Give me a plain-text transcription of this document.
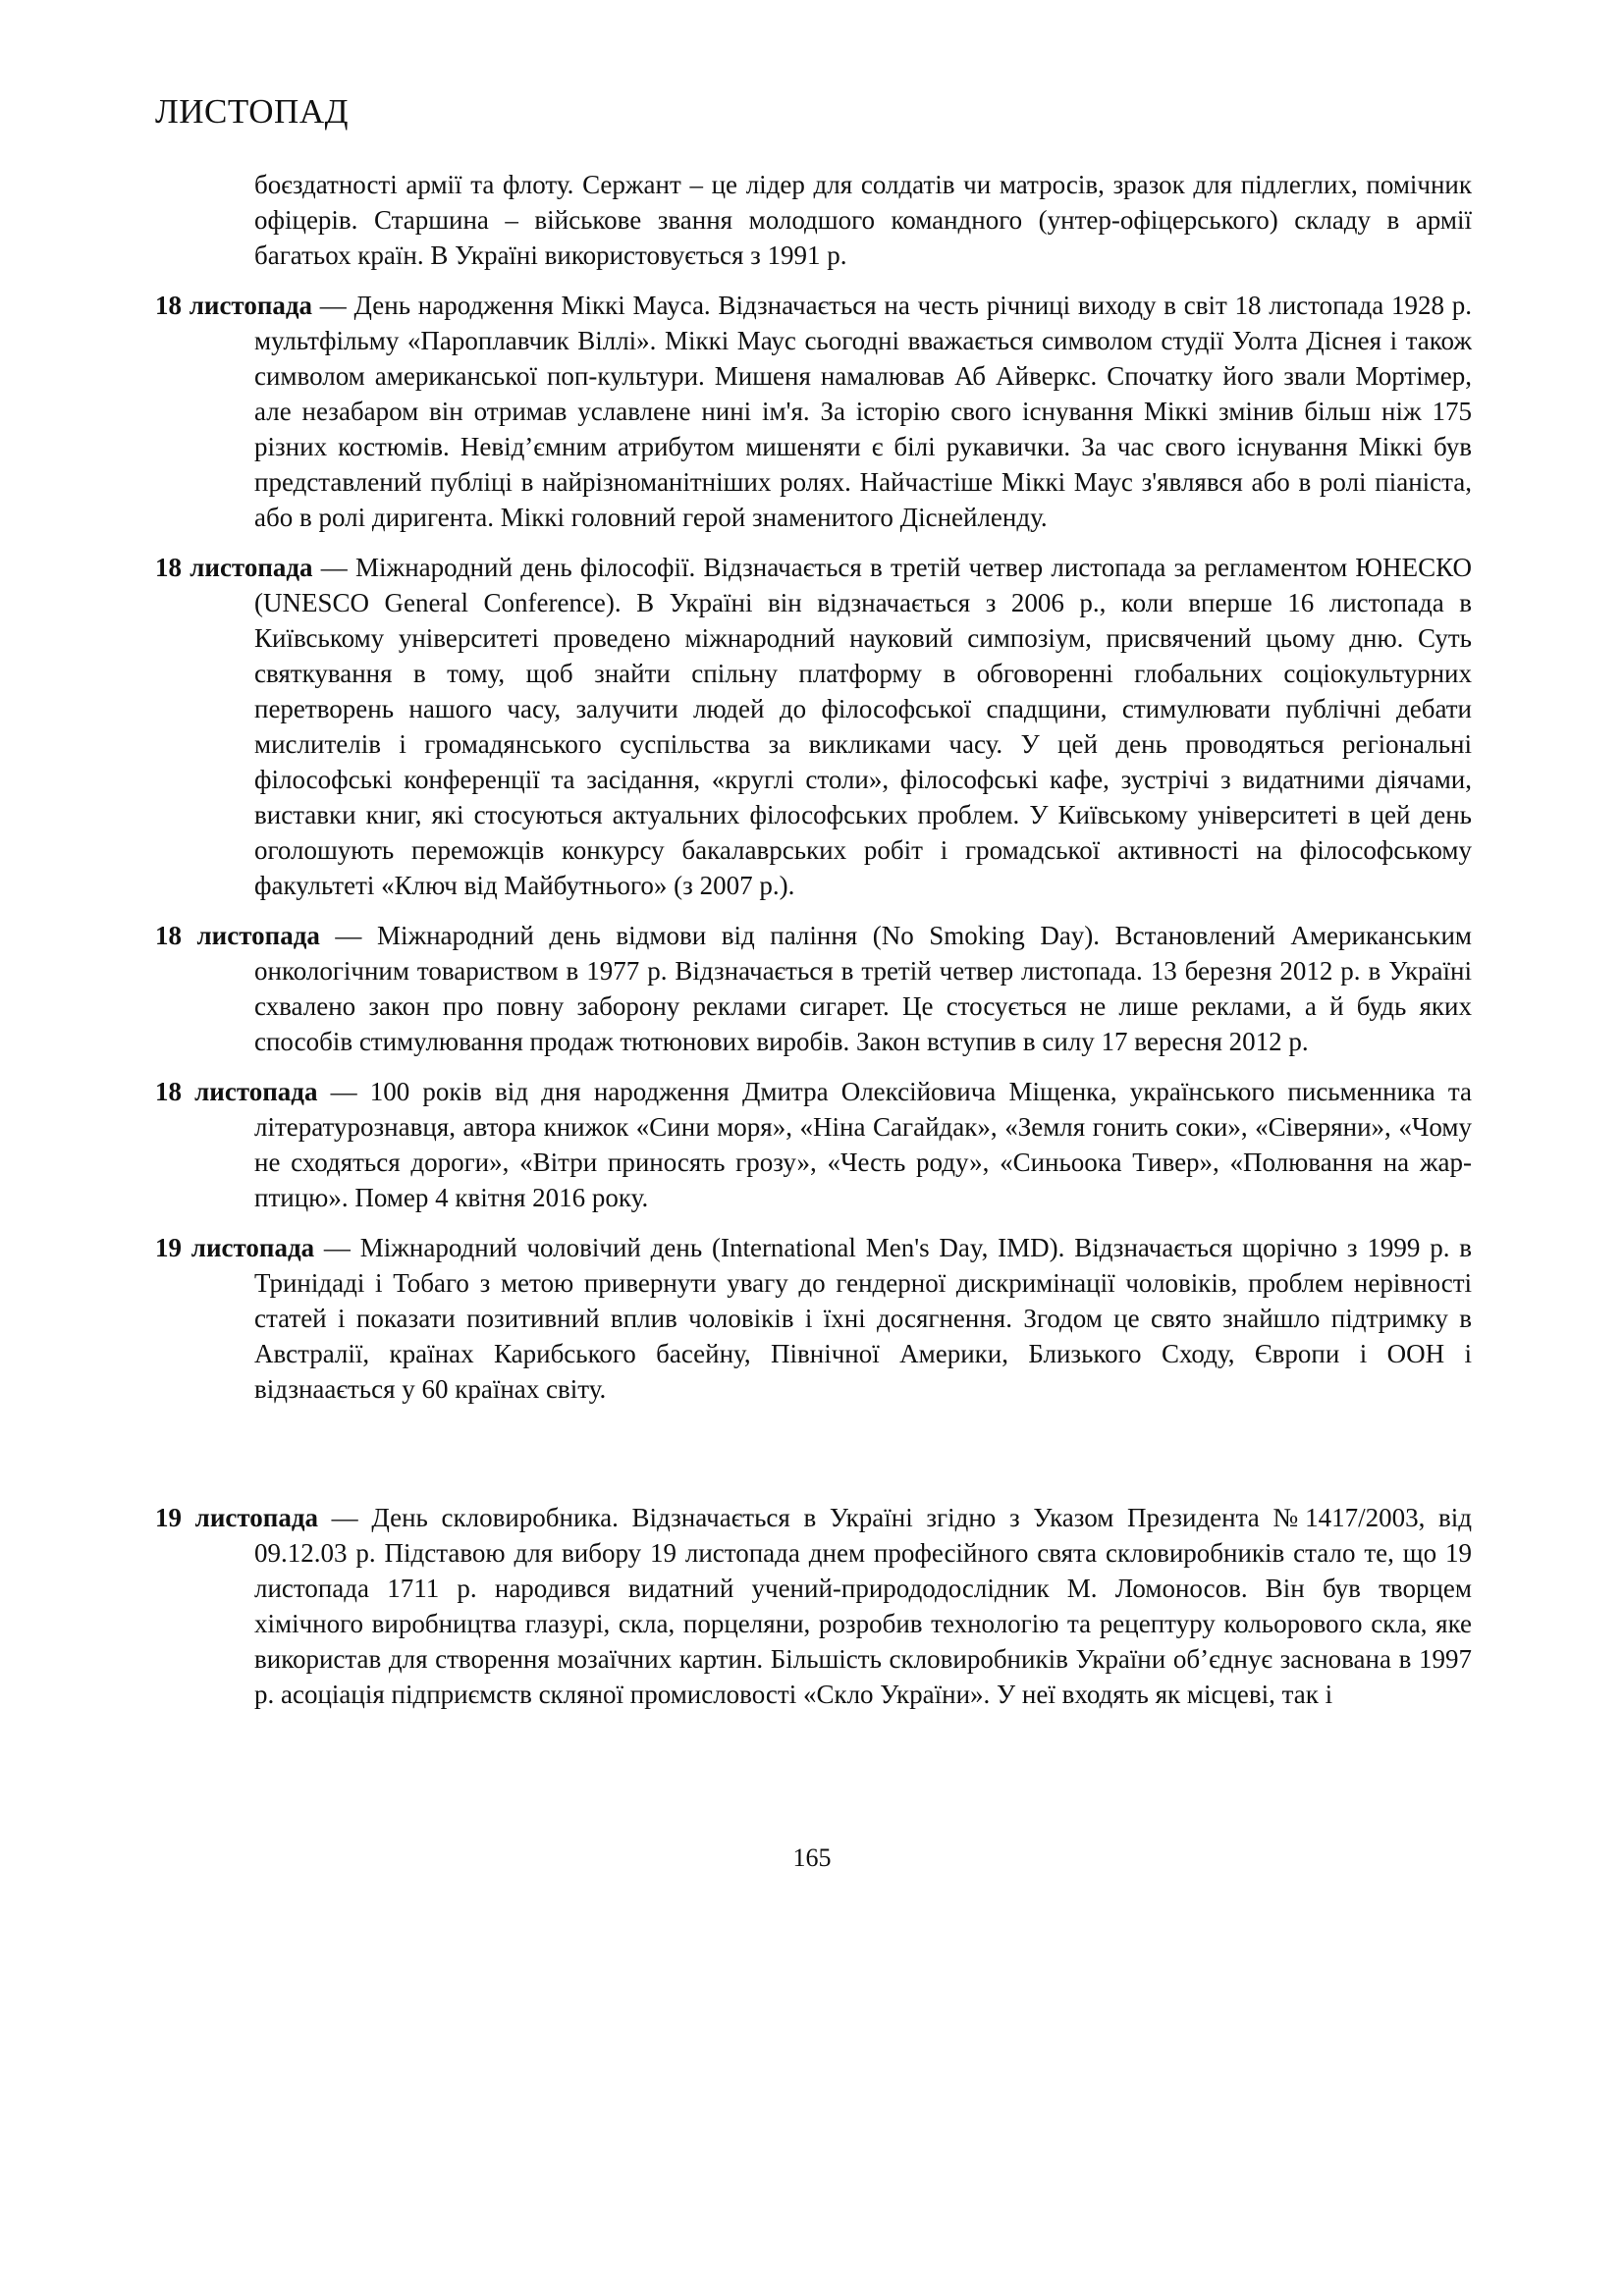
ЛИСТОПАД

боєздатності армії та флоту. Сержант – це лідер для солдатів чи матросів, зразок для підлеглих, помічник офіцерів. Старшина – військове звання молодшого командного (унтер-офіцерського) складу в армії багатьох країн. В Україні використовується з 1991 р.

18 листопада — День народження Міккі Мауса. Відзначається на честь річниці виходу в світ 18 листопада 1928 р. мультфільму «Пароплавчик Віллі». Міккі Маус сьогодні вважається символом студії Уолта Діснея і також символом американської поп-культури. Мишеня намалював Аб Айверкс. Спочатку його звали Мортімер, але незабаром він отримав уславлене нині ім'я. За історію свого існування Міккі змінив більш ніж 175 різних костюмів. Невід’ємним атрибутом мишеняти є білі рукавички. За час свого існування Міккі був представлений публіці в найрізноманітніших ролях. Найчастіше Міккі Маус з'являвся або в ролі піаніста, або в ролі диригента. Міккі головний герой знаменитого Діснейленду.

18 листопада — Міжнародний день філософії. Відзначається в третій четвер листопада за регламентом ЮНЕСКО (UNESCO General Conference). В Україні він відзначається з 2006 р., коли вперше 16 листопада в Київському університеті проведено міжнародний науковий симпозіум, присвячений цьому дню. Суть святкування в тому, щоб знайти спільну платформу в обговоренні глобальних соціокультурних перетворень нашого часу, залучити людей до філософської спадщини, стимулювати публічні дебати мислителів і громадянського суспільства за викликами часу. У цей день проводяться регіональні філософські конференції та засідання, «круглі столи», філософські кафе, зустрічі з видатними діячами, виставки книг, які стосуються актуальних філософських проблем. У Київському університеті в цей день оголошують переможців конкурсу бакалаврських робіт і громадської активності на філософському факультеті «Ключ від Майбутнього» (з 2007 р.).

18 листопада — Міжнародний день відмови від паління (No Smoking Day). Встановлений Американським онкологічним товариством в 1977 р. Відзначається в третій четвер листопада. 13 березня 2012 р. в Україні схвалено закон про повну заборону реклами сигарет. Це стосується не лише реклами, а й будь яких способів стимулювання продаж тютюнових виробів. Закон вступив в силу 17 вересня 2012 р.

18 листопада — 100 років від дня народження Дмитра Олексійовича Міщенка, українського письменника та літературознавця, автора книжок «Сини моря», «Ніна Сагайдак», «Земля гонить соки», «Сіверяни», «Чому не сходяться дороги», «Вітри приносять грозу», «Честь роду», «Синьоока Тивер», «Полювання на жар-птицю». Помер 4 квітня 2016 року.

19 листопада — Міжнародний чоловічий день (International Men's Day, IMD). Відзначається щорічно з 1999 р. в Тринідаді і Тобаго з метою привернути увагу до гендерної дискримінації чоловіків, проблем нерівності статей і показати позитивний вплив чоловіків і їхні досягнення. Згодом це свято знайшло підтримку в Австралії, країнах Карибського басейну, Північної Америки, Близького Сходу, Європи і ООН і відзнаається у 60 країнах світу.

19 листопада — День скловиробника. Відзначається в Україні згідно з Указом Президента №1417/2003, від 09.12.03 р. Підставою для вибору 19 листопада днем професійного свята скловиробників стало те, що 19 листопада 1711 р. народився видатний учений-природодослідник М. Ломоносов. Він був творцем хімічного виробництва глазурі, скла, порцеляни, розробив технологію та рецептуру кольорового скла, яке використав для створення мозаїчних картин. Більшість скловиробників України об’єднує заснована в 1997 р. асоціація підприємств скляної промисловості «Скло України». У неї входять як місцеві, так і

165
